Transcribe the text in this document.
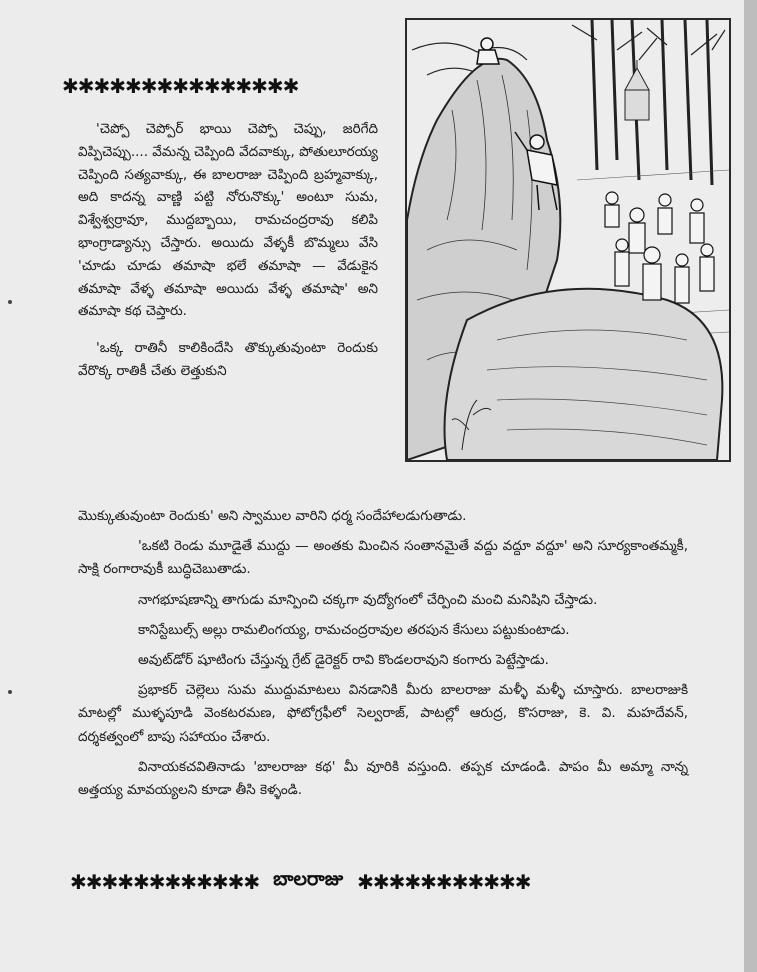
✱✱✱✱✱✱✱✱✱✱✱✱✱✱✱

'చెప్పో చెప్పోర్ భాయి చెప్పో చెప్పు, జరిగేది విప్పిచెప్పు.... వేమన్న చెప్పింది వేదవాక్కు, పోతులూరయ్య చెప్పింది సత్యవాక్కు, ఈ బాలరాజు చెప్పింది బ్రహ్మవాక్కు, అది కాదన్న వాణ్ణి పట్టి నోరునొక్కు' అంటూ సుమ, విశ్వేశ్వర్రావూ, ముద్దబ్బాయి, రామచంద్రరావు కలిపి భాంగ్రాడ్యాన్సు చేస్తారు. అయిదు వేళ్ళకీ బొమ్మలు వేసి 'చూడు చూడు తమాషా భలే తమాషా — వేడుకైన తమాషా వేళ్ళ తమాషా అయిదు వేళ్ళ తమాషా' అని తమాషా కథ చెప్తారు.

'ఒక్క రాతినీ కాలికిందేసి తొక్కుతువుంటా రెందుకు వేరొక్క రాతికీ చేతు లెత్తుకుని

మొక్కుతువుంటా రెందుకు' అని స్వాముల వారిని ధర్మ సందేహాలడుగుతాడు.

'ఒకటి రెండు మూడైతే ముద్దు — అంతకు మించిన సంతానమైతే వద్దు వద్దూ వద్దూ' అని సూర్యకాంతమ్మకీ, సాక్షి రంగారావుకీ బుద్ధిచెబుతాడు.

నాగభూషణాన్ని తాగుడు మాన్పించి చక్కగా వుద్యోగంలో చేర్పించి మంచి మనిషిని చేస్తాడు.

కానిస్టేబుల్స్ అల్లు రామలింగయ్య, రామచంద్రరావుల తరపున కేసులు పట్టుకుంటాడు.

అవుట్‌డోర్ షూటింగు చేస్తున్న గ్రేట్ డైరెక్టర్ రావి కొండలరావుని కంగారు పెట్టేస్తాడు.

ప్రభాకర్ చెల్లెలు సుమ ముద్దుమాటలు వినడానికి మీరు బాలరాజు మళ్ళీ మళ్ళీ చూస్తారు. బాలరాజుకి మాటల్లో ముళ్ళపూడి వెంకటరమణ, ఫోటోగ్రఫీలో సెల్వరాజ్, పాటల్లో ఆరుద్ర, కొసరాజు, కె. వి. మహదేవన్, దర్శకత్వంలో బాపు సహాయం చేశారు.

వినాయకచవితినాడు 'బాలరాజు కథ' మీ వూరికి వస్తుంది. తప్పక చూడండి. పాపం మీ అమ్మా నాన్న అత్తయ్య మావయ్యలని కూడా తీసి కెళ్ళండి.

✱✱✱✱✱✱✱✱✱✱✱✱ బాలరాజు ✱✱✱✱✱✱✱✱✱✱✱
